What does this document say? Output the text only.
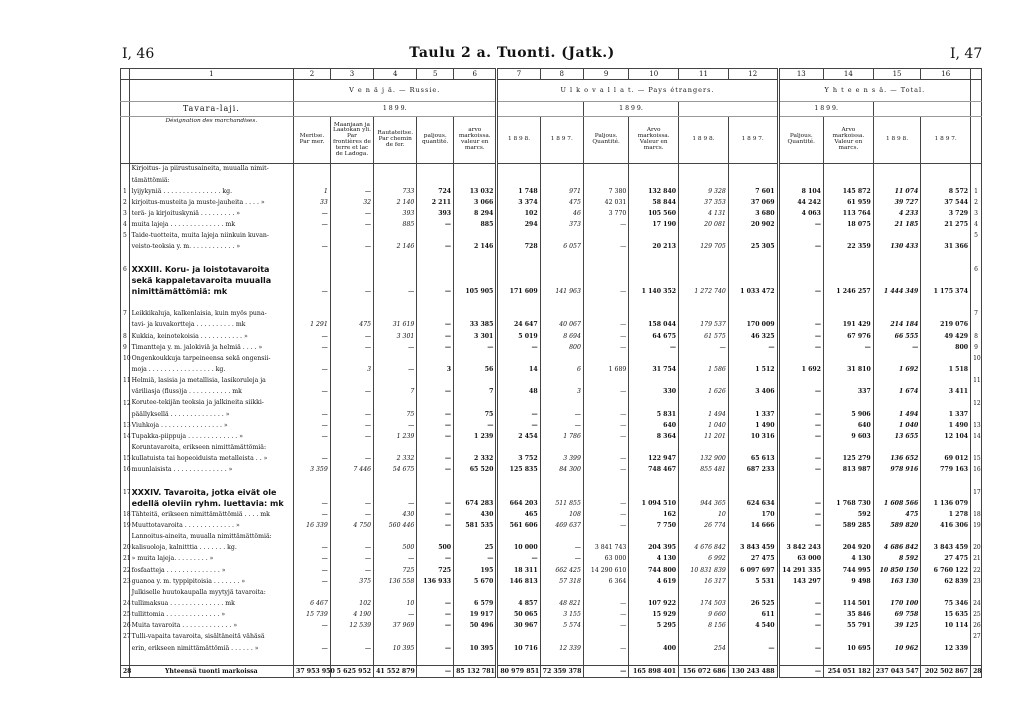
I, 46	Taulu 2 a. Tuonti. (Jatk.)	I, 47
	1	2	3	4	5	6	7	8	9	10	11	12	13	14	15	16	
		V e n ä j ä. — Russie.					U l k o v a l l a t. — Pays étrangers.						Y h t e e n s ä. — Total.				
	Tavara-laji.	1 8 9 9.							1 8 9 9.				1 8 9 9.				
	Désignation des marchandises.	Meritse. Par mer.	Maanjaan ja Laatokan yli. Par frontières de terre et lac de Ladoga.	Rautateitse. Par chemin de fer.	paljous. quantité.	arvo markoissa. valeur en marcs.	1 8 9 8.	1 8 9 7.	Paljous. Quantité.	Arvo markoissa. Valeur en marcs.	1 8 9 8.	1 8 9 7.	Paljous. Quantité.	Arvo markoissa. Valeur en marcs.	1 8 9 8.	1 8 9 7.	
	Kirjoitus- ja piirustusaineita, muualla nimit-																
	tämättömiä:																
1	lyijykyniä . . . . . . . . . . . . . . . kg.	1	—	733	724	13 032	1 748	971	7 380	132 840	9 328	7 601	8 104	145 872	11 074	8 572	1
2	kirjoitus-musteita ja muste-jauheita . . . . »	33	32	2 140	2 211	3 066	3 374	475	42 031	58 844	37 353	37 069	44 242	61 959	39 727	37 544	2
3	terä- ja kirjoituskyniä . . . . . . . . . »	—	—	393	393	8 294	102	46	3 770	105 560	4 131	3 680	4 063	113 764	4 233	3 729	3
4	muita lajeja . . . . . . . . . . . . . . mk	—	—	885	—	885	294	373	—	17 190	20 081	20 902	—	18 075	21 185	21 275	4
5	Taide-tuotteita, muita lajeja niinkuin kuvan-																5
	veisto-teoksia y. m. . . . . . . . . . . . »	—	—	2 146	—	2 146	728	6 057	—	20 213	129 705	25 305	—	22 359	130 433	31 366	

6	XXXIII. Koru- ja loistotavaroita																6
	sekä kappaletavaroita muualla																
	nimittämättömiä: mk	—	—	—	—	105 905	171 609	141 963	—	1 140 352	1 272 740	1 033 472	—	1 246 257	1 444 349	1 175 374	

7	Leikkikaluja, kalkenlaisia, kuin myös puna-																7
	tavi- ja kuvakortteja . . . . . . . . . . mk	1 291	475	31 619	—	33 385	24 647	40 067	—	158 044	179 537	170 009	—	191 429	214 184	219 076	
8	Kukkia, keinotekoisia . . . . . . . . . . . »	—	—	3 301	—	3 301	5 019	8 694	—	64 675	61 575	46 325	—	67 976	66 555	49 429	8
9	Timantteja y. m. jalokiviä ja helmiä . . . . »	—	—	—	—	—	—	800	—	—	—	—	—	—	—	800	9
10	Ongenkoukkuja tarpeineensa sekä ongensii-																10
	moja . . . . . . . . . . . . . . . . . kg.	—	3	—	3	56	14	6	1 689	31 754	1 586	1 512	1 692	31 810	1 692	1 518	
11	Helmiä, lasisia ja metallisia, lasikoruleja ja																11
	väriliasja (fluss)ja . . . . . . . . . . . mk	—	—	7	—	7	48	3	—	330	1 626	3 406	—	337	1 674	3 411	
12	Korutee-tekijän teoksia ja jalkineita siikki-																12
	päällyksellä . . . . . . . . . . . . . . »	—	—	75	—	75	—	—	—	5 831	1 494	1 337	—	5 906	1 494	1 337	
13	Viuhkoja . . . . . . . . . . . . . . . . »	—	—	—	—	—	—	—	—	640	1 040	1 490	—	640	1 040	1 490	13
14	Tupakka-piippuja . . . . . . . . . . . . . »	—	—	1 239	—	1 239	2 454	1 786	—	8 364	11 201	10 316	—	9 603	13 655	12 104	14
	Koruntavaroita, erikseen nimittämättömiä:																
15	kullatuista tai hopeoiduista metalleista . . »	—	—	2 332	—	2 332	3 752	3 399	—	122 947	132 900	65 613	—	125 279	136 652	69 012	15
16	muunlaisista . . . . . . . . . . . . . . »	3 359	7 446	54 675	—	65 520	125 835	84 300	—	748 467	855 481	687 233	—	813 987	978 916	779 163	16

17	XXXIV. Tavaroita, jotka eivät ole																17
	edellä oleviin ryhm. luettavia: mk	—	—	—	—	674 283	664 203	511 855	—	1 094 510	944 365	624 634	—	1 768 730	1 608 566	1 136 079	
18	Tähteitä, erikseen nimittämättömiä . . . . mk	—	—	430	—	430	465	108	—	162	10	170	—	592	475	1 278	18
19	Muuttotavaroita . . . . . . . . . . . . . »	16 339	4 750	560 446	—	581 535	561 606	469 637	—	7 750	26 774	14 666	—	589 285	589 820	416 306	19
	Lannoitus-aineita, muualla nimittämättömiä:																
20	kalisuoloja, kalnitttia . . . . . . . kg.	—	—	500	500	25	10 000	—	3 841 743	204 395	4 676 842	3 843 459	3 842 243	204 920	4 686 842	3 843 459	20
21	» muita lajeja. . . . . . . . . »	—	—	—	—	—	—	—	63 000	4 130	6 992	27 475	63 000	4 130	8 592	27 475	21
22	fosfaatteja . . . . . . . . . . . . . . »	—	—	725	725	195	18 311	662 425	14 290 610	744 800	10 831 839	6 097 697	14 291 335	744 995	10 850 150	6 760 122	22
23	guanoa y. m. typpipitoisia . . . . . . . »	—	375	136 558	136 933	5 670	146 813	57 318	6 364	4 619	16 317	5 531	143 297	9 498	163 130	62 839	23
	Julkiselle huutokaupalla myytyjä tavaroita:																
24	tullimaksua . . . . . . . . . . . . . . mk	6 467	102	10	—	6 579	4 857	48 821	—	107 922	174 503	26 525	—	114 501	170 100	75 346	24
25	tullittomia . . . . . . . . . . . . . . »	15 739	4 190	—	—	19 917	50 065	3 155	—	15 929	9 660	611	—	35 846	69 758	15 635	25
26	Muita tavaroita . . . . . . . . . . . . . »	—	12 539	37 969	—	50 496	30 967	5 574	—	5 295	8 156	4 540	—	55 791	39 125	10 114	26
27	Tulli-vapaita tavaroita, sisältäneitä vähäsä																27
	erin, erikseen nimittämättömiä . . . . . . »	—	—	10 395	—	10 395	10 716	12 339	—	400	254	—	—	10 695	10 962	12 339	

28	Yhteensä tuonti markoissa	37 953 950	5 625 952	41 552 879	—	85 132 781	80 979 851	72 359 378	—	165 898 401	156 072 686	130 243 488	—	254 051 182	237 043 547	202 502 867	28
